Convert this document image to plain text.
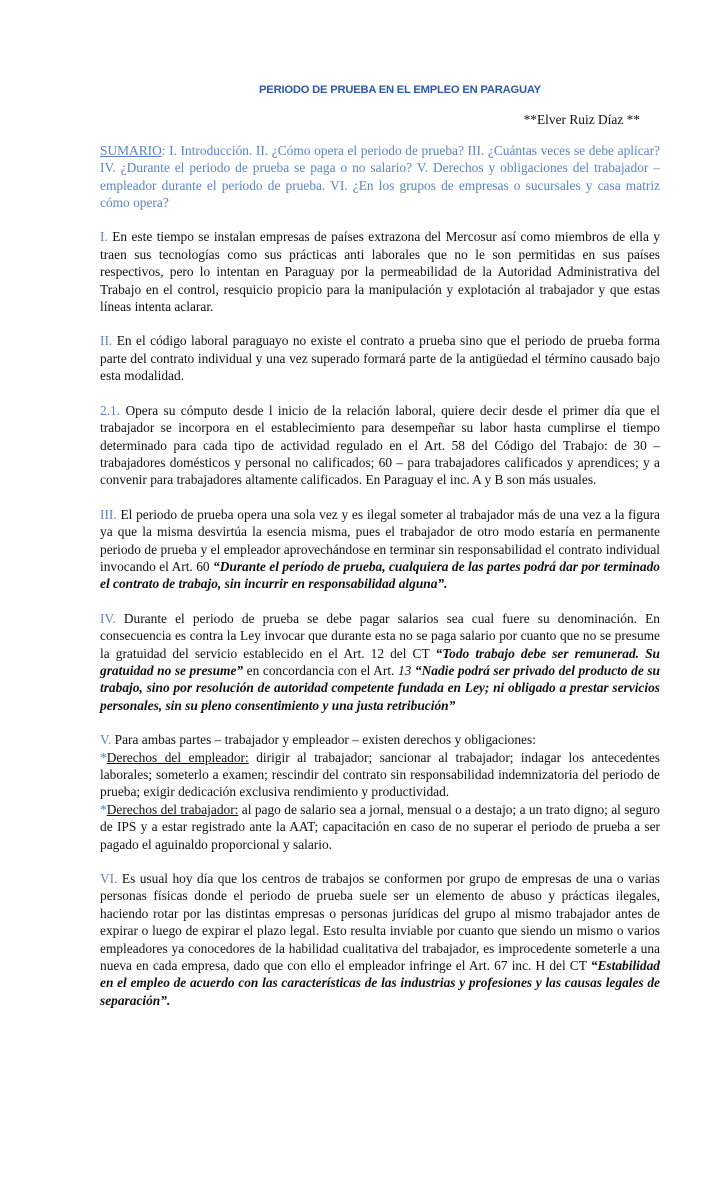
PERIODO DE PRUEBA EN EL EMPLEO EN PARAGUAY
**Elver Ruiz Díaz **

SUMARIO: I. Introducción. II. ¿Cómo opera el periodo de prueba? III. ¿Cuántas veces se debe aplicar? IV. ¿Durante el periodo de prueba se paga o no salario? V. Derechos y obligaciones del trabajador – empleador durante el periodo de prueba. VI. ¿En los grupos de empresas o sucursales y casa matriz cómo opera?

I. En este tiempo se instalan empresas de países extrazona del Mercosur así como miembros de ella y traen sus tecnologías como sus prácticas anti laborales que no le son permitidas en sus países respectivos, pero lo intentan en Paraguay por la permeabilidad de la Autoridad Administrativa del Trabajo en el control, resquicio propicio para la manipulación y explotación al trabajador y que estas líneas intenta aclarar.

II. En el código laboral paraguayo no existe el contrato a prueba sino que el periodo de prueba forma parte del contrato individual y una vez superado formará parte de la antigüedad el término causado bajo esta modalidad.

2.1. Opera su cómputo desde l inicio de la relación laboral, quiere decir desde el primer día que el trabajador se incorpora en el establecimiento para desempeñar su labor hasta cumplirse el tiempo determinado para cada tipo de actividad regulado en el Art. 58 del Código del Trabajo: de 30 – trabajadores domésticos y personal no calificados; 60 – para trabajadores calificados y aprendices; y a convenir para trabajadores altamente calificados. En Paraguay el inc. A y B son más usuales.

III. El periodo de prueba opera una sola vez y es ilegal someter al trabajador más de una vez a la figura ya que la misma desvirtúa la esencia misma, pues el trabajador de otro modo estaría en permanente periodo de prueba y el empleador aprovechándose en terminar sin responsabilidad el contrato individual invocando el Art. 60 “Durante el período de prueba, cualquiera de las partes podrá dar por terminado el contrato de trabajo, sin incurrir en responsabilidad alguna”.

IV. Durante el periodo de prueba se debe pagar salarios sea cual fuere su denominación. En consecuencia es contra la Ley invocar que durante esta no se paga salario por cuanto que no se presume la gratuidad del servicio establecido en el Art. 12 del CT “Todo trabajo debe ser remunerad. Su gratuidad no se presume” en concordancia con el Art. 13 “Nadie podrá ser privado del producto de su trabajo, sino por resolución de autoridad competente fundada en Ley; ni obligado a prestar servicios personales, sin su pleno consentimiento y una justa retribución”

V. Para ambas partes – trabajador y empleador – existen derechos y obligaciones:

*Derechos del empleador: dirigir al trabajador; sancionar al trabajador; indagar los antecedentes laborales; someterlo a examen; rescindir del contrato sin responsabilidad indemnizatoria del periodo de prueba; exigir dedicación exclusiva rendimiento y productividad.

*Derechos del trabajador: al pago de salario sea a jornal, mensual o a destajo; a un trato digno; al seguro de IPS y a estar registrado ante la AAT; capacitación en caso de no superar el periodo de prueba a ser pagado el aguinaldo proporcional y salario.

VI. Es usual hoy día que los centros de trabajos se conformen por grupo de empresas de una o varias personas físicas donde el periodo de prueba suele ser un elemento de abuso y prácticas ilegales, haciendo rotar por las distintas empresas o personas jurídicas del grupo al mismo trabajador antes de expirar o luego de expirar el plazo legal. Esto resulta inviable por cuanto que siendo un mismo o varios empleadores ya conocedores de la habilidad cualitativa del trabajador, es improcedente someterle a una nueva en cada empresa, dado que con ello el empleador infringe el Art. 67 inc. H del CT “Estabilidad en el empleo de acuerdo con las características de las industrias y profesiones y las causas legales de separación”.
